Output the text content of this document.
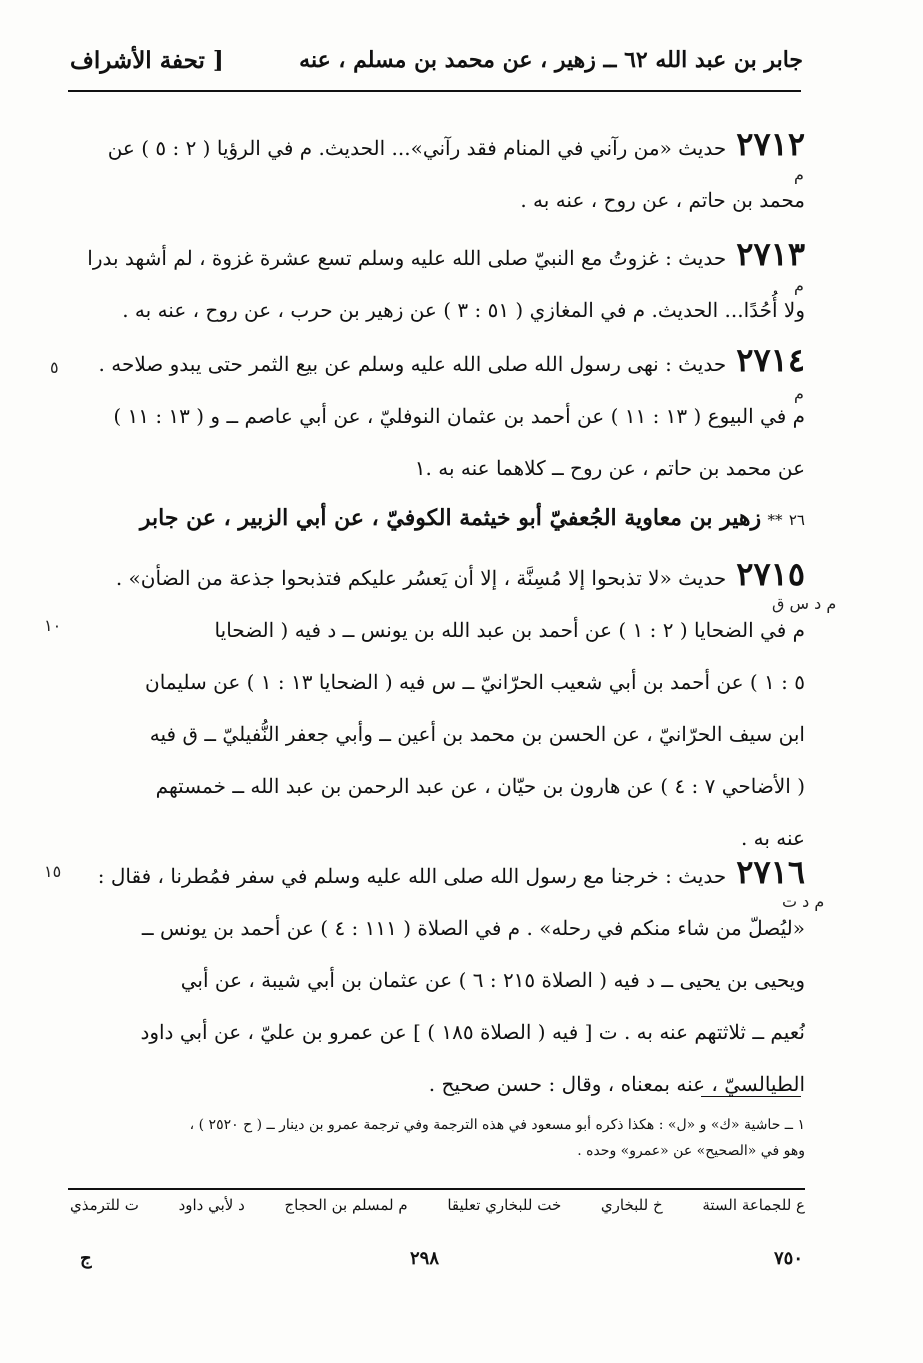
جابر بن عبد الله ٦٢ ــ زهير ، عن محمد بن مسلم ، عنه
[ تحفة الأشراف
٢٧١٢حديث «من رآني في المنام فقد رآني»... الحديث. م في الرؤيا ( ٢ : ٥ ) عن
محمد بن حاتم ، عن روح ، عنه به .
م
٢٧١٣حديث : غزوتُ مع النبيّ صلى الله عليه وسلم تسع عشرة غزوة ، لم أشهد بدرا
ولا أُحُدًا... الحديث. م في المغازي ( ٥١ : ٣ ) عن زهير بن حرب ، عن روح ، عنه به .
م
٢٧١٤حديث : نهى رسول الله صلى الله عليه وسلم عن بيع الثمر حتى يبدو صلاحه .
م في البيوع ( ١٣ : ١١ ) عن أحمد بن عثمان النوفليّ ، عن أبي عاصم ــ و ( ١٣ : ١١ )
عن محمد بن حاتم ، عن روح ــ كلاهما عنه به .١
م
٥
٢٦ ** زهير بن معاوية الجُعفيّ أبو خيثمة الكوفيّ ، عن أبي الزبير ، عن جابر
٢٧١٥حديث «لا تذبحوا إلا مُسِنَّة ، إلا أن يَعسُر عليكم فتذبحوا جذعة من الضأن» .
م في الضحايا ( ٢ : ١ ) عن أحمد بن عبد الله بن يونس ــ د فيه ( الضحايا
٥ : ١ ) عن أحمد بن أبي شعيب الحرّانيّ ــ س فيه ( الضحايا ١٣ : ١ ) عن سليمان
ابن سيف الحرّانيّ ، عن الحسن بن محمد بن أعين ــ وأبي جعفر النُّفيليّ ــ ق فيه
( الأضاحي ٧ : ٤ ) عن هارون بن حيّان ، عن عبد الرحمن بن عبد الله ــ خمستهم
عنه به .
م د س ق
١٠
٢٧١٦حديث : خرجنا مع رسول الله صلى الله عليه وسلم في سفر فمُطرنا ، فقال :
«ليُصلّ من شاء منكم في رحله» . م في الصلاة ( ١١١ : ٤ ) عن أحمد بن يونس ــ
ويحيى بن يحيى ــ د فيه ( الصلاة ٢١٥ : ٦ ) عن عثمان بن أبي شيبة ، عن أبي
نُعيم ــ ثلاثتهم عنه به . ت [ فيه ( الصلاة ١٨٥ ) ] عن عمرو بن عليّ ، عن أبي داود
الطيالسيّ ، عنه بمعناه ، وقال : حسن صحيح .
م د ت
١٥
١ ــ حاشية «ك» و «ل» : هكذا ذكره أبو مسعود في هذه الترجمة وفي ترجمة عمرو بن دينار ــ ( ح ٢٥٢٠ ) ،
وهو في «الصحيح» عن «عمرو» وحده .
ع للجماعة الستة
خ للبخاري
خت للبخاري تعليقا
م لمسلم بن الحجاج
د لأبي داود
ت للترمذي
٧٥٠
٢٩٨
ج
